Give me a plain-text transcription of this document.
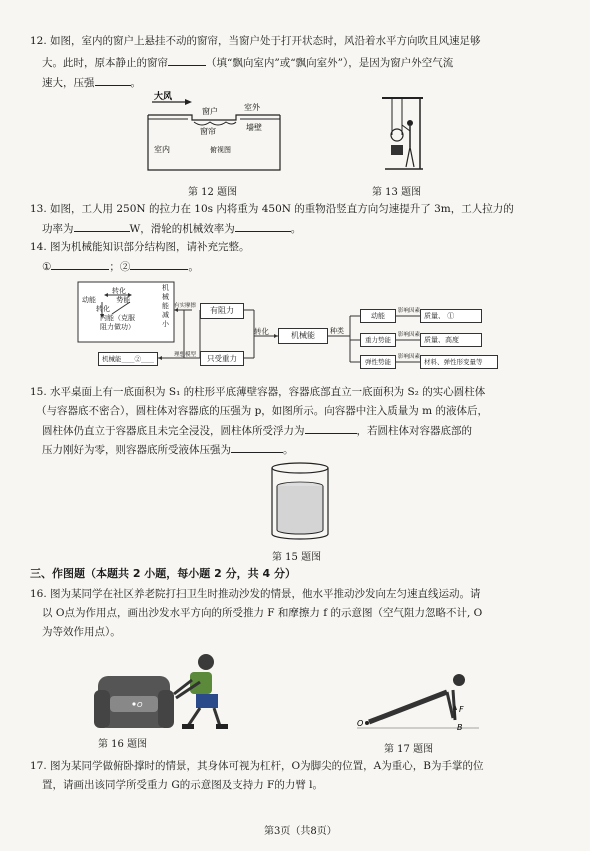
12. 如图，室内的窗户上悬挂不动的窗帘，当窗户处于打开状态时，风沿着水平方向吹且风速足够
大。此时，原本静止的窗帘	（填“飘向室内”或“飘向室外”），是因为窗户外空气流
速大，压强	。
大风
窗户	室外
窗帘	墙壁
室内	俯视图
第 12 题图	第 13 题图
13. 如图，工人用 250N 的拉力在 10s 内将重为 450N 的重物沿竖直方向匀速提升了 3m，工人拉力的
功率为	W，滑轮的机械效率为	。
14. 图为机械能知识部分结构图，请补充完整。
①	；②	。
转化
动能	势能
转化
内能（克服
阻力做功）
机械能减小
有实摩擦	有阻力
理想模型	只受重力
机械能____②____
转化	机械能	种类
动能
重力势能
弹性势能
影响因素
影响因素
影响因素
质量、 ①
质量、高度
材料、弹性形变量等
15. 水平桌面上有一底面积为 S₁ 的柱形平底薄壁容器，容器底部直立一底面积为 S₂ 的实心圆柱体
（与容器底不密合），圆柱体对容器底的压强为 p，如图所示。向容器中注入质量为 m 的液体后，
圆柱体仍直立于容器底且未完全浸没，圆柱体所受浮力为	，若圆柱体对容器底部的
压力刚好为零，则容器底所受液体压强为	。
第 15 题图
三、作图题（本题共 2 小题，每小题 2 分，共 4 分）
16. 图为某同学在社区养老院打扫卫生时推动沙发的情景，他水平推动沙发向左匀速直线运动。请
以 O点为作用点，画出沙发水平方向的所受推力 F 和摩擦力 f 的示意图（空气阻力忽略不计, O
为等效作用点）。
O
第 16 题图
O
F
B
第 17 题图
17. 图为某同学做俯卧撑时的情景，其身体可视为杠杆，O为脚尖的位置，A为重心，B为手掌的位
置，请画出该同学所受重力 G的示意图及支持力 F的力臂 l。
第3页（共8页）
